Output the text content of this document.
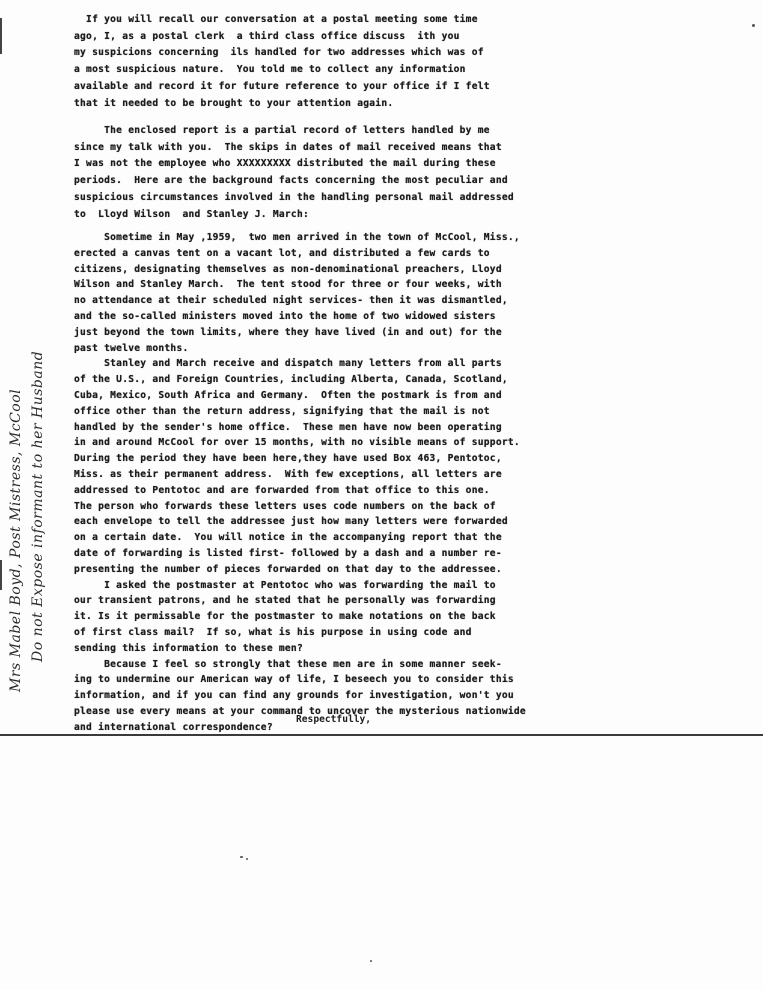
If you will recall our conversation at a postal meeting some time

ago, I, as a postal clerk  a third class office discuss  ith you

my suspicions concerning  ils handled for two addresses which was of

a most suspicious nature.  You told me to collect any information

available and record it for future reference to your office if I felt

that it needed to be brought to your attention again.

The enclosed report is a partial record of letters handled by me

since my talk with you.  The skips in dates of mail received means that

I was not the employee who XXXXXXXXX distributed the mail during these

periods.  Here are the background facts concerning the most peculiar and

suspicious circumstances involved in the handling personal mail addressed

to  Lloyd Wilson  and Stanley J. March:

Sometime in May ,1959,  two men arrived in the town of McCool, Miss.,

erected a canvas tent on a vacant lot, and distributed a few cards to

citizens, designating themselves as non-denominational preachers, Lloyd

Wilson and Stanley March.  The tent stood for three or four weeks, with

no attendance at their scheduled night services- then it was dismantled,

and the so-called ministers moved into the home of two widowed sisters

just beyond the town limits, where they have lived (in and out) for the

past twelve months.

Stanley and March receive and dispatch many letters from all parts

of the U.S., and Foreign Countries, including Alberta, Canada, Scotland,

Cuba, Mexico, South Africa and Germany.  Often the postmark is from and

office other than the return address, signifying that the mail is not

handled by the sender's home office.  These men have now been operating

in and around McCool for over 15 months, with no visible means of support.

During the period they have been here,they have used Box 463, Pentotoc,

Miss. as their permanent address.  With few exceptions, all letters are

addressed to Pentotoc and are forwarded from that office to this one.

The person who forwards these letters uses code numbers on the back of

each envelope to tell the addressee just how many letters were forwarded

on a certain date.  You will notice in the accompanying report that the

date of forwarding is listed first- followed by a dash and a number re-

presenting the number of pieces forwarded on that day to the addressee.

I asked the postmaster at Pentotoc who was forwarding the mail to

our transient patrons, and he stated that he personally was forwarding

it. Is it permissable for the postmaster to make notations on the back

of first class mail?  If so, what is his purpose in using code and

sending this information to these men?

Because I feel so strongly that these men are in some manner seek-

ing to undermine our American way of life, I beseech you to consider this

information, and if you can find any grounds for investigation, won't you

please use every means at your command to uncover the mysterious nationwide

and international correspondence?

Respectfully,
Mrs Mabel Boyd, Post Mistress, McCool Do not Expose informant to her Husband
